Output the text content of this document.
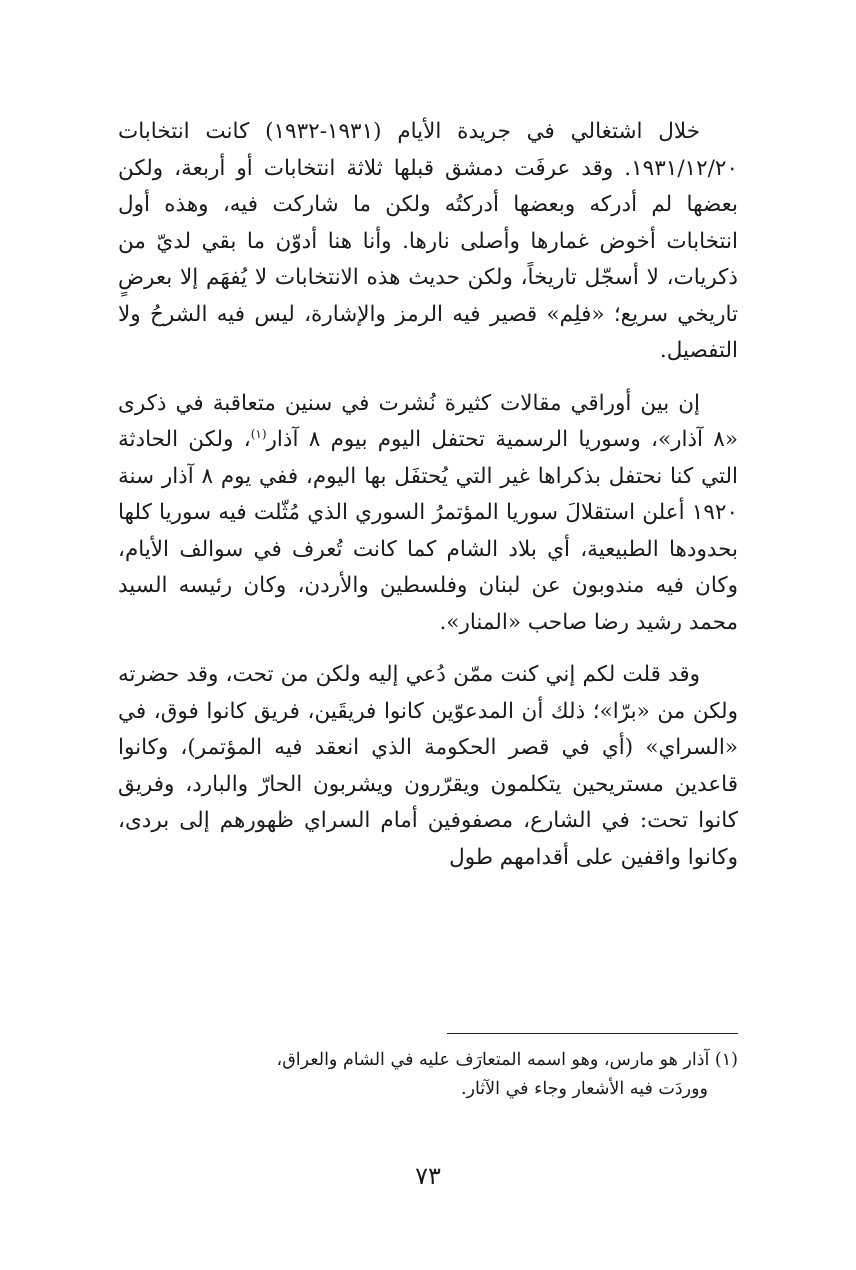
خلال اشتغالي في جريدة الأيام (١٩٣١-١٩٣٢) كانت انتخابات ١٩٣١/١٢/٢٠. وقد عرفَت دمشق قبلها ثلاثة انتخابات أو أربعة، ولكن بعضها لم أدركه وبعضها أدركتُه ولكن ما شاركت فيه، وهذه أول انتخابات أخوض غمارها وأصلى نارها. وأنا هنا أدوّن ما بقي لديّ من ذكريات، لا أسجّل تاريخاً، ولكن حديث هذه الانتخابات لا يُفهَم إلا بعرضٍ تاريخي سريع؛ «فلِم» قصير فيه الرمز والإشارة، ليس فيه الشرحُ ولا التفصيل.

إن بين أوراقي مقالات كثيرة نُشرت في سنين متعاقبة في ذكرى «٨ آذار»، وسوريا الرسمية تحتفل اليوم بيوم ٨ آذار$^{(١)}$، ولكن الحادثة التي كنا نحتفل بذكراها غير التي يُحتفَل بها اليوم، ففي يوم ٨ آذار سنة ١٩٢٠ أعلن استقلالَ سوريا المؤتمرُ السوري الذي مُثّلت فيه سوريا كلها بحدودها الطبيعية، أي بلاد الشام كما كانت تُعرف في سوالف الأيام، وكان فيه مندوبون عن لبنان وفلسطين والأردن، وكان رئيسه السيد محمد رشيد رضا صاحب «المنار».

وقد قلت لكم إني كنت ممّن دُعي إليه ولكن من تحت، وقد حضرته ولكن من «برّا»؛ ذلك أن المدعوّين كانوا فريقَين، فريق كانوا فوق، في «السراي» (أي في قصر الحكومة الذي انعقد فيه المؤتمر)، وكانوا قاعدين مستريحين يتكلمون ويقرّرون ويشربون الحارّ والبارد، وفريق كانوا تحت: في الشارع، مصفوفين أمام السراي ظهورهم إلى بردى، وكانوا واقفين على أقدامهم طول

(١) آذار هو مارس، وهو اسمه المتعارَف عليه في الشام والعراق،
ووردَت فيه الأشعار وجاء في الآثار.
٧٣
